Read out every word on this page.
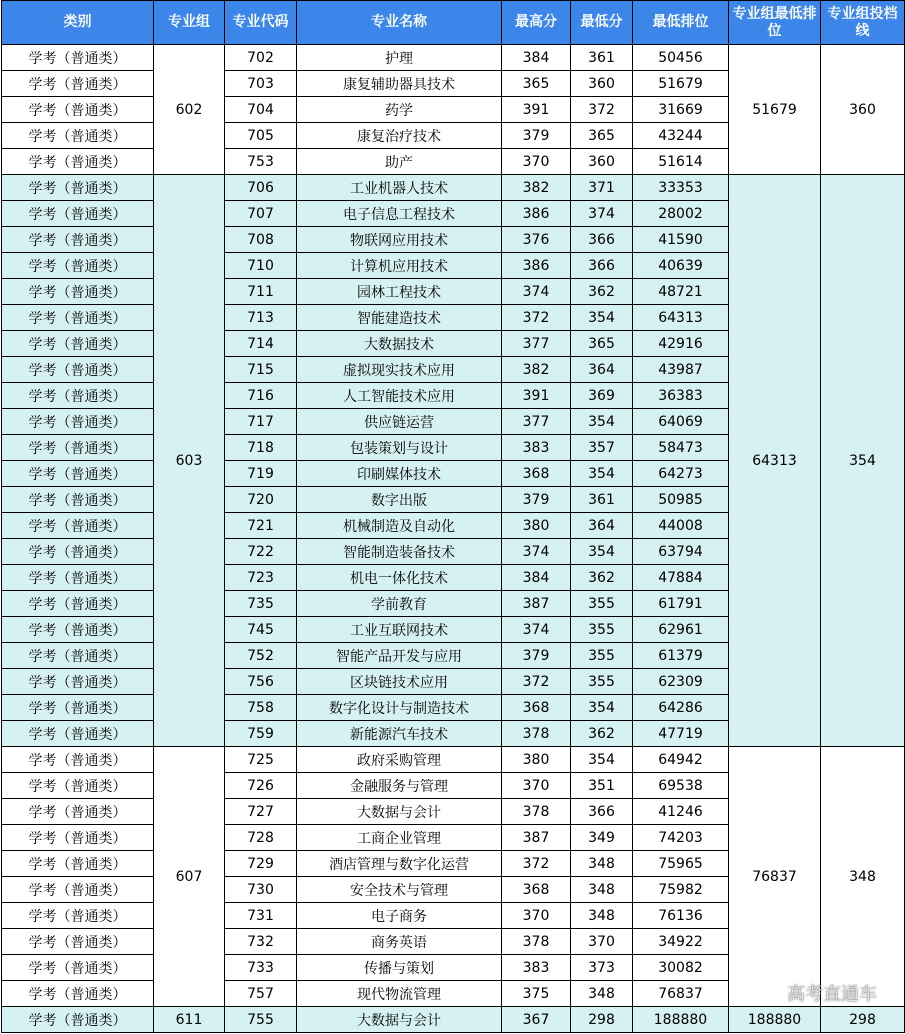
类别	专业组	专业代码	专业名称	最高分	最低分	最低排位	专业组最低排位	专业组投档线
学考（普通类）	602	702	护理	384	361	50456	51679	360
学考（普通类）		703	康复辅助器具技术	365	360	51679		
学考（普通类）		704	药学	391	372	31669		
学考（普通类）		705	康复治疗技术	379	365	43244		
学考（普通类）		753	助产	370	360	51614		
学考（普通类）	603	706	工业机器人技术	382	371	33353	64313	354
学考（普通类）		707	电子信息工程技术	386	374	28002		
学考（普通类）		708	物联网应用技术	376	366	41590		
学考（普通类）		710	计算机应用技术	386	366	40639		
学考（普通类）		711	园林工程技术	374	362	48721		
学考（普通类）		713	智能建造技术	372	354	64313		
学考（普通类）		714	大数据技术	377	365	42916		
学考（普通类）		715	虚拟现实技术应用	382	364	43987		
学考（普通类）		716	人工智能技术应用	391	369	36383		
学考（普通类）		717	供应链运营	377	354	64069		
学考（普通类）		718	包装策划与设计	383	357	58473		
学考（普通类）		719	印刷媒体技术	368	354	64273		
学考（普通类）		720	数字出版	379	361	50985		
学考（普通类）		721	机械制造及自动化	380	364	44008		
学考（普通类）		722	智能制造装备技术	374	354	63794		
学考（普通类）		723	机电一体化技术	384	362	47884		
学考（普通类）		735	学前教育	387	355	61791		
学考（普通类）		745	工业互联网技术	374	355	62961		
学考（普通类）		752	智能产品开发与应用	379	355	61379		
学考（普通类）		756	区块链技术应用	372	355	62309		
学考（普通类）		758	数字化设计与制造技术	368	354	64286		
学考（普通类）		759	新能源汽车技术	378	362	47719		
学考（普通类）	607	725	政府采购管理	380	354	64942	76837	348
学考（普通类）		726	金融服务与管理	370	351	69538		
学考（普通类）		727	大数据与会计	378	366	41246		
学考（普通类）		728	工商企业管理	387	349	74203		
学考（普通类）		729	酒店管理与数字化运营	372	348	75965		
学考（普通类）		730	安全技术与管理	368	348	75982		
学考（普通类）		731	电子商务	370	348	76136		
学考（普通类）		732	商务英语	378	370	34922		
学考（普通类）		733	传播与策划	383	373	30082		
学考（普通类）		757	现代物流管理	375	348	76837		
学考（普通类）	611	755	大数据与会计	367	298	188880	188880	298
高考直通车
